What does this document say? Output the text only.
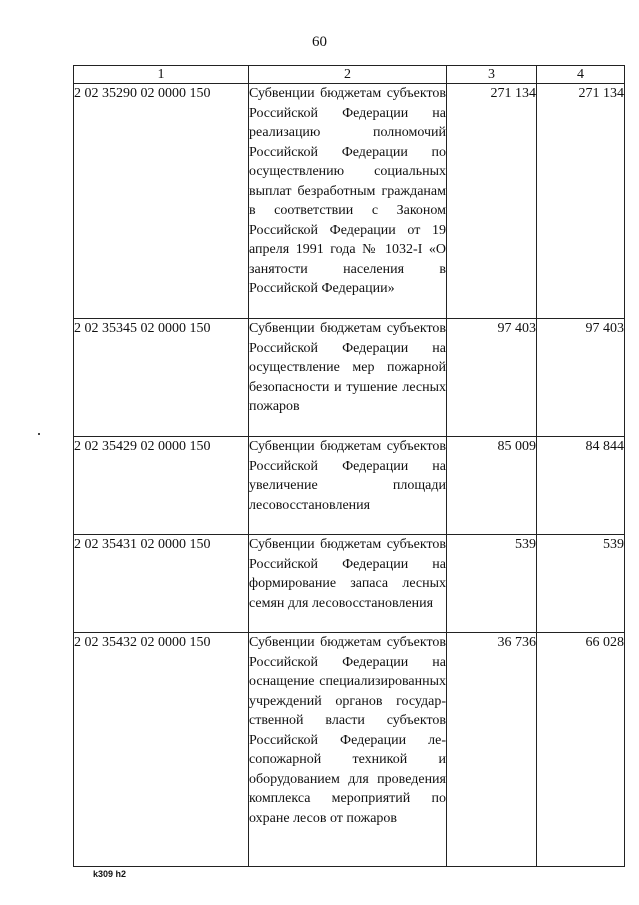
60
1	2	3	4
2 02 35290 02 0000 150	Субвенции бюджетам субъектов Российской Федерации на реализацию полномочий Российской Федерации по осуществлению социальных выплат безработным гражданам в соответствии с Законом Российской Федерации от 19 апреля 1991 года № 1032-I «О занятости населения в Российской Федерации»	271 134	271 134
2 02 35345 02 0000 150	Субвенции бюджетам субъектов Российской Федерации на осуществление мер пожарной безопасности и тушение лесных пожаров	97 403	97 403
2 02 35429 02 0000 150	Субвенции бюджетам субъектов Российской Федерации на увеличение площади лесовосстановления	85 009	84 844
2 02 35431 02 0000 150	Субвенции бюджетам субъектов Российской Федерации на формирование запаса лесных семян для лесовосстановления	539	539
2 02 35432 02 0000 150	Субвенции бюджетам субъектов Российской Федерации на оснащение специализированных учреждений органов государственной власти субъектов Российской Федерации лесопожарной техникой и оборудованием для проведения комплекса мероприятий по охране лесов от пожаров	36 736	66 028
k309 h2
